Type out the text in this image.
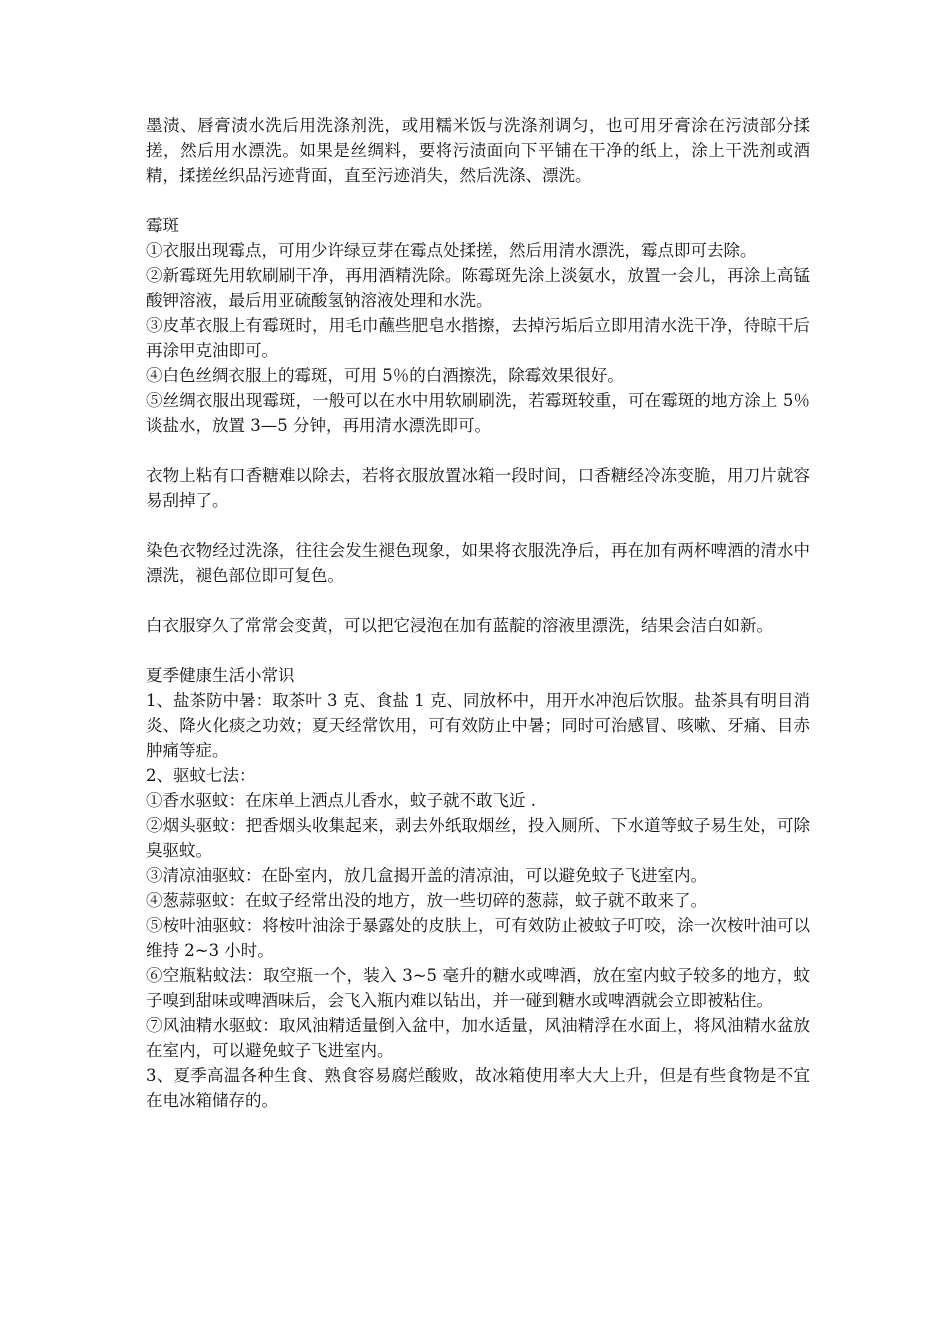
墨渍、唇膏渍水洗后用洗涤剂洗，或用糯米饭与洗涤剂调匀，也可用牙膏涂在污渍部分揉搓，然后用水漂洗。如果是丝绸料，要将污渍面向下平铺在干净的纸上，涂上干洗剂或酒精，揉搓丝织品污迹背面，直至污迹消失，然后洗涤、漂洗。

霉斑

①衣服出现霉点，可用少许绿豆芽在霉点处揉搓，然后用清水漂洗，霉点即可去除。

②新霉斑先用软刷刷干净，再用酒精洗除。陈霉斑先涂上淡氨水，放置一会儿，再涂上高锰酸钾溶液，最后用亚硫酸氢钠溶液处理和水洗。

③皮革衣服上有霉斑时，用毛巾蘸些肥皂水揩擦，去掉污垢后立即用清水洗干净，待晾干后再涂甲克油即可。

④白色丝绸衣服上的霉斑，可用 5％的白酒擦洗，除霉效果很好。

⑤丝绸衣服出现霉斑，一般可以在水中用软刷刷洗，若霉斑较重，可在霉斑的地方涂上 5％谈盐水，放置 3—5 分钟，再用清水漂洗即可。

衣物上粘有口香糖难以除去，若将衣服放置冰箱一段时间，口香糖经冷冻变脆，用刀片就容易刮掉了。

染色衣物经过洗涤，往往会发生褪色现象，如果将衣服洗净后，再在加有两杯啤酒的清水中漂洗，褪色部位即可复色。

白衣服穿久了常常会变黄，可以把它浸泡在加有蓝靛的溶液里漂洗，结果会洁白如新。

夏季健康生活小常识

1、盐茶防中暑：取茶叶 3 克、食盐 1 克、同放杯中，用开水冲泡后饮服。盐茶具有明目消炎、降火化痰之功效；夏天经常饮用，可有效防止中暑；同时可治感冒、咳嗽、牙痛、目赤肿痛等症。

2、驱蚊七法：

①香水驱蚊：在床单上洒点儿香水，蚊子就不敢飞近 .

②烟头驱蚊：把香烟头收集起来，剥去外纸取烟丝，投入厕所、下水道等蚊子易生处，可除臭驱蚊。

③清凉油驱蚊：在卧室内，放几盒揭开盖的清凉油，可以避免蚊子飞进室内。

④葱蒜驱蚊：在蚊子经常出没的地方，放一些切碎的葱蒜，蚊子就不敢来了。

⑤桉叶油驱蚊：将桉叶油涂于暴露处的皮肤上，可有效防止被蚊子叮咬，涂一次桉叶油可以维持 2~3 小时。

⑥空瓶粘蚊法：取空瓶一个，装入 3~5 毫升的糖水或啤酒，放在室内蚊子较多的地方，蚊子嗅到甜味或啤酒味后，会飞入瓶内难以钻出，并一碰到糖水或啤酒就会立即被粘住。

⑦风油精水驱蚊：取风油精适量倒入盆中，加水适量，风油精浮在水面上，将风油精水盆放在室内，可以避免蚊子飞进室内。

3、夏季高温各种生食、熟食容易腐烂酸败，故冰箱使用率大大上升，但是有些食物是不宜在电冰箱储存的。
